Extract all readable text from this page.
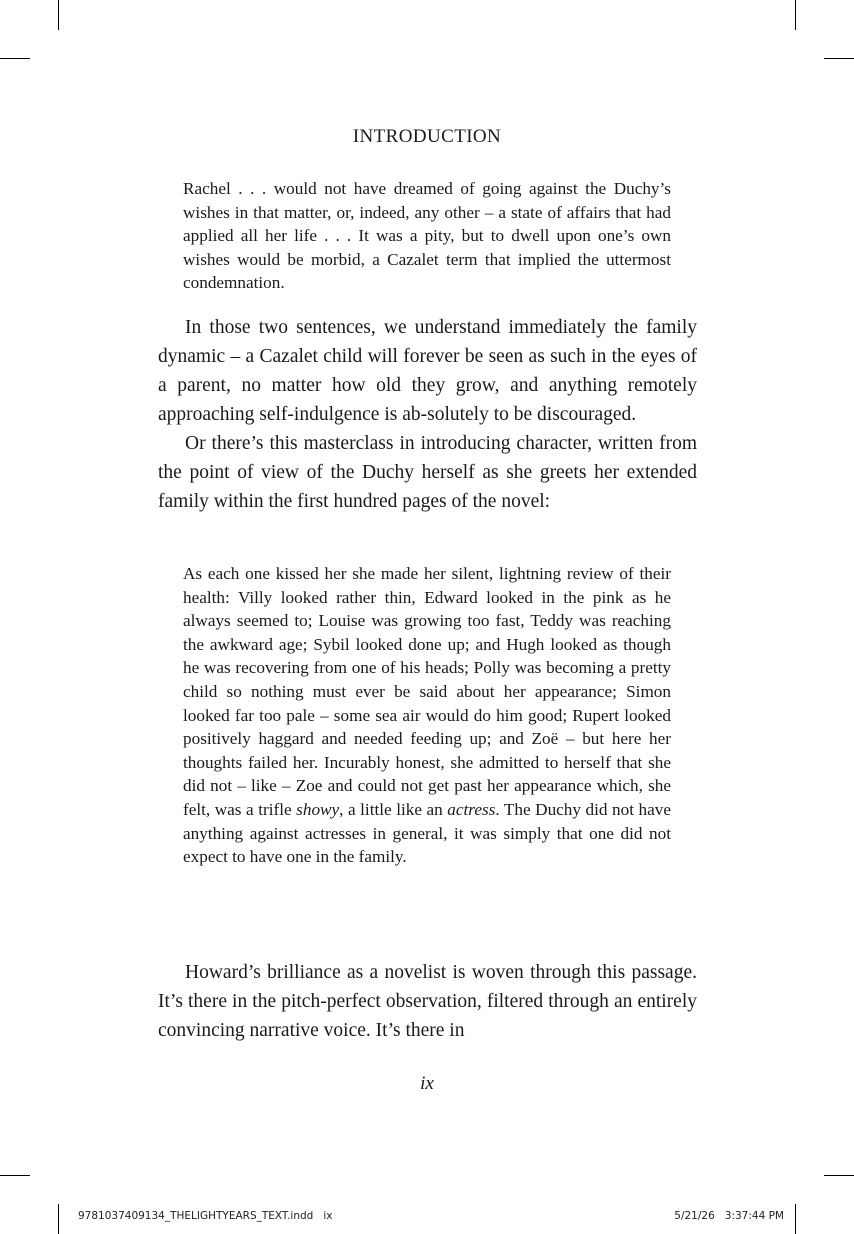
INTRODUCTION

Rachel . . . would not have dreamed of going against the Duchy’s wishes in that matter, or, indeed, any other – a state of affairs that had applied all her life . . . It was a pity, but to dwell upon one’s own wishes would be morbid, a Cazalet term that implied the uttermost condemnation.

In those two sentences, we understand immediately the family dynamic – a Cazalet child will forever be seen as such in the eyes of a parent, no matter how old they grow, and anything remotely approaching self-indulgence is ab-solutely to be discouraged.

Or there’s this masterclass in introducing character, written from the point of view of the Duchy herself as she greets her extended family within the first hundred pages of the novel:

As each one kissed her she made her silent, lightning review of their health: Villy looked rather thin, Edward looked in the pink as he always seemed to; Louise was growing too fast, Teddy was reaching the awkward age; Sybil looked done up; and Hugh looked as though he was recovering from one of his heads; Polly was becoming a pretty child so nothing must ever be said about her appearance; Simon looked far too pale – some sea air would do him good; Rupert looked positively haggard and needed feeding up; and Zoë – but here her thoughts failed her. Incurably honest, she admitted to herself that she did not – like – Zoe and could not get past her appearance which, she felt, was a trifle showy, a little like an actress. The Duchy did not have anything against actresses in general, it was simply that one did not expect to have one in the family.

Howard’s brilliance as a novelist is woven through this passage. It’s there in the pitch-perfect observation, filtered through an entirely convincing narrative voice. It’s there in

ix
9781037409134_THELIGHTYEARS_TEXT.indd   ix	5/21/26 3:37:44 PM
